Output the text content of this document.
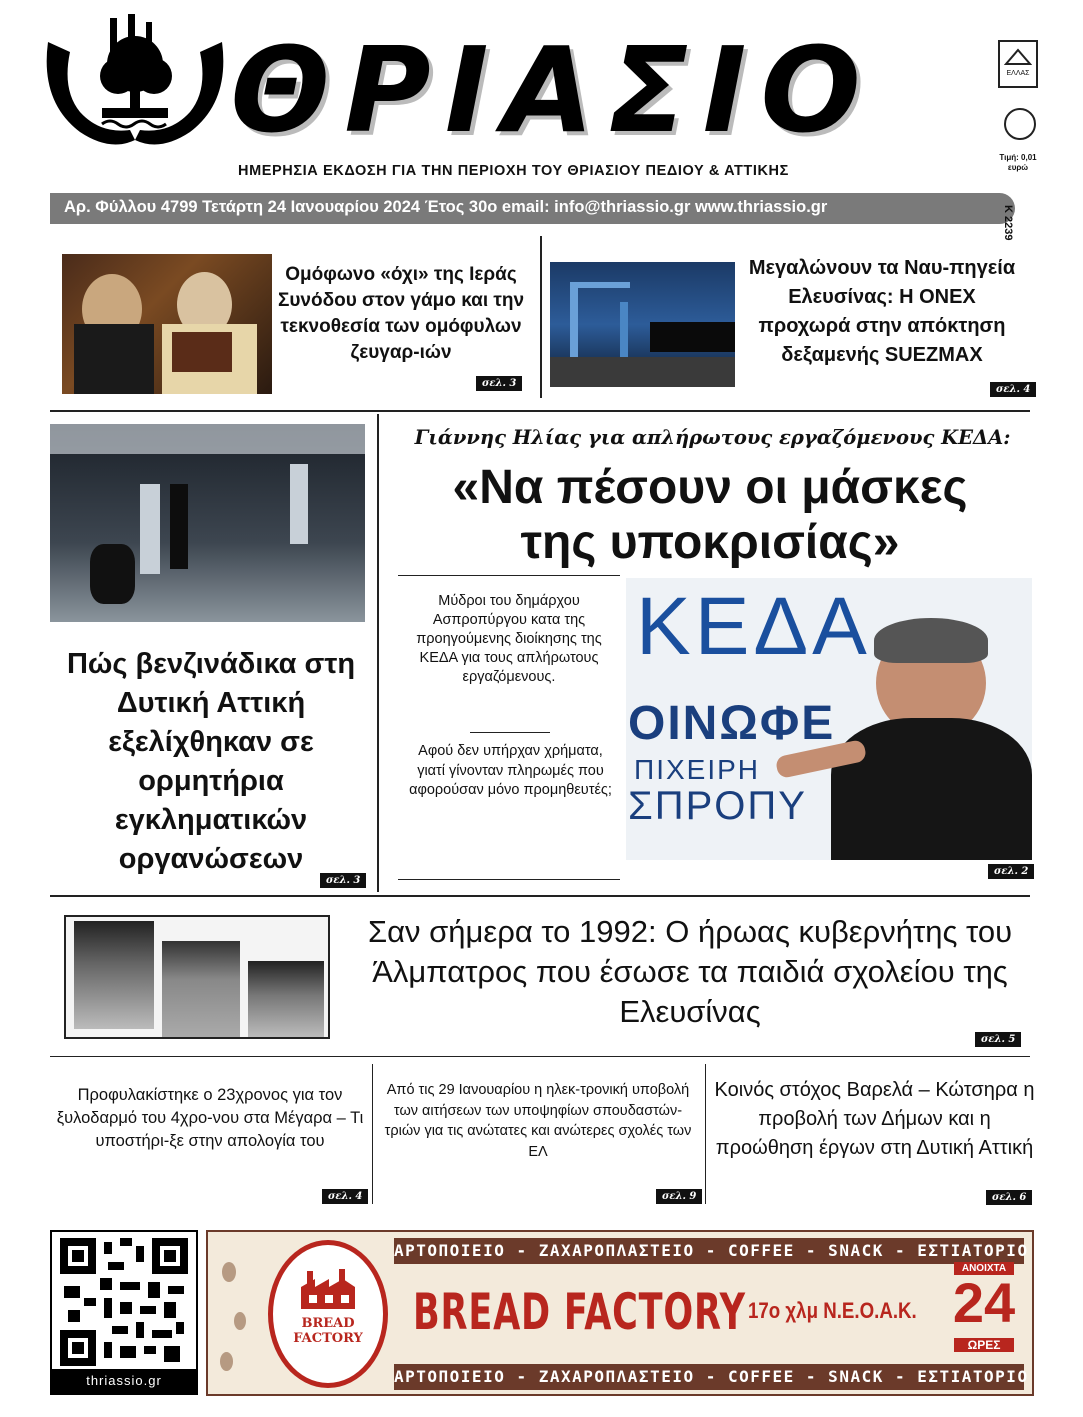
ΘΡΙΑΣΙΟ	ΕΛΛΑΣ
Τιμή: 0,01 ευρώ
ΗΜΕΡΗΣΙΑ ΕΚΔΟΣΗ ΓΙΑ ΤΗΝ ΠΕΡΙΟΧΗ ΤΟΥ ΘΡΙΑΣΙΟΥ ΠΕΔΙΟΥ & ΑΤΤΙΚΗΣ
Αρ. Φύλλου 4799 Τετάρτη 24 Ιανουαρίου 2024 Έτος 30ο email: info@thriassio.gr www.thriassio.gr	Κ 2239
Ομόφωνο «όχι» της Ιεράς Συνόδου στον γάμο και την τεκνοθεσία των ομόφυλων ζευγαρ-ιών
σελ. 3
Μεγαλώνουν τα Ναυ-πηγεία Ελευσίνας: Η ΟΝΕΧ προχωρά στην απόκτηση δεξαμενής SUEZMAX
σελ. 4
Πώς βενζινάδικα στη Δυτική Αττική εξελίχθηκαν σε ορμητήρια εγκληματικών οργανώσεων
σελ. 3
Γιάννης Ηλίας για απλήρωτους εργαζόμενους ΚΕΔΑ:
«Να πέσουν οι μάσκες της υποκρισίας»
Μύδροι του δημάρχου Ασπροπύργου κατα της προηγούμενης διοίκησης της ΚΕΔΑ για τους απλήρωτους εργαζόμενους.
Αφού δεν υπήρχαν χρήματα, γιατί γίνονταν πληρωμές που αφορούσαν μόνο προμηθευτές;
ΚΕΔΑ
ΟΙΝΩΦΕ
ΠΙΧΕΙΡΗ
ΣΠΡΟΠΥ
σελ. 2
Σαν σήμερα το 1992: Ο ήρωας κυβερνήτης του Άλμπατρος που έσωσε τα παιδιά σχολείου της Ελευσίνας
σελ. 5
Προφυλακίστηκε ο 23χρονος για τον ξυλοδαρμό του 4χρο-νου στα Μέγαρα – Τι υποστήρι-ξε στην απολογία του
σελ. 4
Από τις 29 Ιανουαρίου η ηλεκ-τρονική υποβολή των αιτήσεων των υποψηφίων σπουδαστών-τριών για τις ανώτατες και ανώτερες σχολές των ΕΛ
σελ. 9
Κοινός στόχος Βαρελά – Κώτσηρα η προβολή των Δήμων και η προώθηση έργων στη Δυτική Αττική
σελ. 6
thriassio.gr
ΑΡΤΟΠΟΙΕΙΟ - ΖΑΧΑΡΟΠΛΑΣΤΕΙΟ - COFFEE - SNACK - ΕΣΤΙΑΤΟΡΙΟ
ΑΡΤΟΠΟΙΕΙΟ - ΖΑΧΑΡΟΠΛΑΣΤΕΙΟ - COFFEE - SNACK - ΕΣΤΙΑΤΟΡΙΟ
BREAD
FACTORY	BREAD FACTORY 17ο χλμ Ν.Ε.Ο.Α.Κ.
ΑΝΟΙΧΤΑ
24
ΩΡΕΣ
